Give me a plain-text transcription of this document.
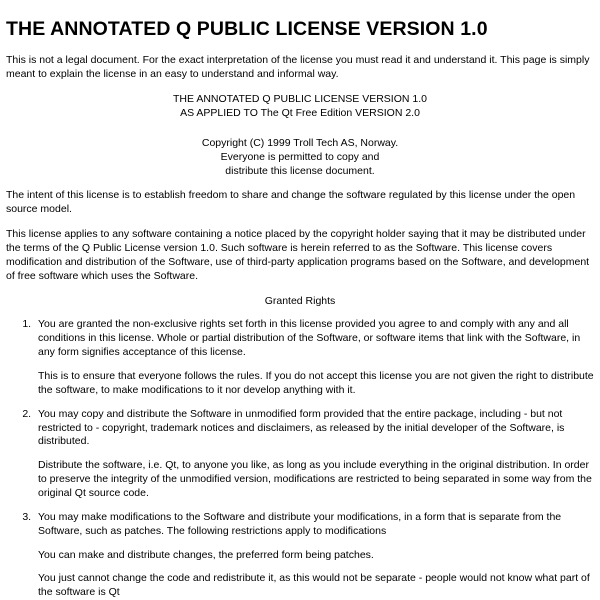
THE ANNOTATED Q PUBLIC LICENSE VERSION 1.0

This is not a legal document. For the exact interpretation of the license you must read it and understand it. This page is simply meant to explain the license in an easy to understand and informal way.

THE ANNOTATED Q PUBLIC LICENSE VERSION 1.0
AS APPLIED TO The Qt Free Edition VERSION 2.0
Copyright (C) 1999 Troll Tech AS, Norway.
Everyone is permitted to copy and
distribute this license document.

The intent of this license is to establish freedom to share and change the software regulated by this license under the open source model.

This license applies to any software containing a notice placed by the copyright holder saying that it may be distributed under the terms of the Q Public License version 1.0. Such software is herein referred to as the Software. This license covers modification and distribution of the Software, use of third-party application programs based on the Software, and development of free software which uses the Software.

Granted Rights

1. You are granted the non-exclusive rights set forth in this license provided you agree to and comply with any and all conditions in this license. Whole or partial distribution of the Software, or software items that link with the Software, in any form signifies acceptance of this license.

This is to ensure that everyone follows the rules. If you do not accept this license you are not given the right to distribute the software, to make modifications to it nor develop anything with it.

2. You may copy and distribute the Software in unmodified form provided that the entire package, including - but not restricted to - copyright, trademark notices and disclaimers, as released by the initial developer of the Software, is distributed.

Distribute the software, i.e. Qt, to anyone you like, as long as you include everything in the original distribution. In order to preserve the integrity of the unmodified version, modifications are restricted to being separated in some way from the original Qt source code.

3. You may make modifications to the Software and distribute your modifications, in a form that is separate from the Software, such as patches. The following restrictions apply to modifications

You can make and distribute changes, the preferred form being patches.

You just cannot change the code and redistribute it, as this would not be separate - people would not know what part of the software is Qt
